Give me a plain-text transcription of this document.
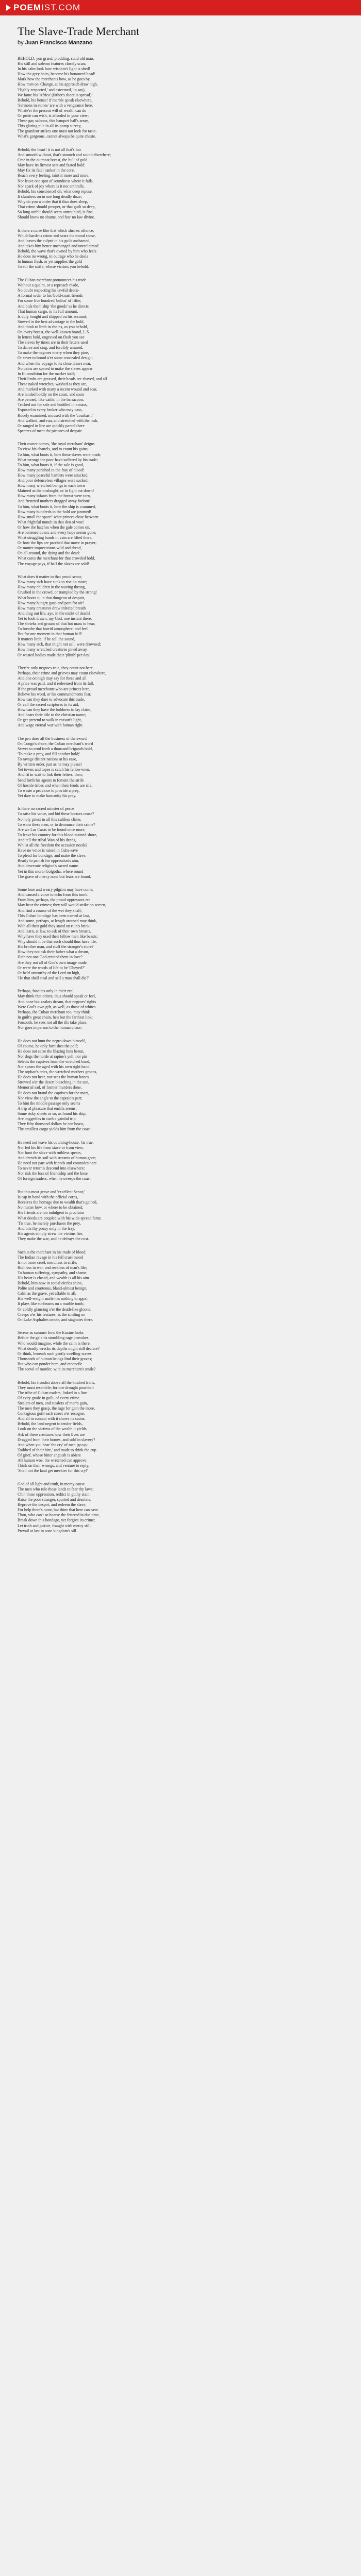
POEM IST.COM
The Slave-Trade Merchant

by Juan Francisco Manzano

BEHOLD, yon grand, plodding, staid old man,
His still and solemn features closely scan;
In his calm look how wisdom's light is shed!
How the grey hairs, become his honoured head!
Mark how the merchants bow, as he goes by,
How men on 'Change, at his approach draw nigh,
'Highly respected,' and esteemed,' to say),
We fame his 'Africa' (father's shore is spread)!
Behold, his house! if marble speak elsewhere,
'Sermons in stones' are with a vengeance here,
Whate'er the present will of wealth can do
Or pride can wish, is afforded to your view;
These gay saloons, this banquet hall's array,
This glaring pile in all its pomp survey,
The grandeur strikes one must not look for taste-
What's gorgeous, cannot always be quite chaste.
Behold, the heart! it is not all that's fair
And smooth without, that's staunch and sound elsewhere;
Cree in the outmost breast, the hull of gold
May have its firmest seat and fasted hold:
May fix its fatal canker in the core,
Reach every feeling, taint it more and more;
Nor leave one spot of soundness where it falls,
Nor spark of joy where is it not enthralls.
Behold, his conscience! oh, what deep repose,
It slumbers on in one long deadly doze;
Why do you wonder that it thus does sleep,
That crime should prosper, or that guilt so deep,
So long unfelt should seem untroubled, is fine,
Should know no shame, and fear no law divine.
Is there a curse like that which shrines offence,
Which hardens crime and sears the moral sense,
And leaves the culprit in his guilt unshamed,
And takes him hence unchanged and unreclaimed
Behold, the wave that's owned by him who feels
He does no wrong, in outrage who he deals
In human flesh, or yet supplies the gold
To stir the strife, whose victims you behold.
The Cuban merchant pronounces his trade
Without a qualm, or a reproach made,
No doubt respecting his lawful deeds-
A formal order to his Gold-coast friends
For some five hundred 'bultos' of fiftie,
And bids them ship 'the goods' as he directs
That human cargo, to its full amount,
Is duly bought and shipped on his account;
Stowed in the best advantage in the hold,
And think to limb in chains, as you behold,
On every breast, the well-known brand, L.S.
In letters bold, engraved on flesh you see
The slaves by times are in their fetters used
To dance and sing, and forcibly amused,
To make the negroes merry when they pine,
Or sever to brood o'er some concealed design;
And when the voyage to its close draws near,
No pains are spared to make the slaves appear
In fit condition for the market stall;
Their limbs are greased, their heads are shaved, and all
These naked wretches, washed as they are,
And marked with many a recent wound and scar,
Are landed boldly on the coast, and soon
Are penned, like cattle, in the barracoon.
Tricked out for sale and huddled in a mass,
Exposed to every broker who may pass,
Rudely examined, moused with the 'courbash,'
And walked, and run, and stretched with the lash,
Or ranged in line are quickly parcel there
Spectres of meet the pictures of despair.
Their owner comes, 'the royal merchant' deigns
To view his chattels, and to count his gains;
To him, what boots it, how these slaves were made,
What wrongs the poor have suffered by his trade;
To him, what boots it, if the sale is good,
How many perished in the fray of blood!
How many peaceful hamlets were attacked,
And poor defenceless villages were sacked;
How many wretched beings in each town
Maimed as the onslaught, or in fight cut down!
How many infants from the breast were torn,
And frenzied mothers dragged away forlorn!
To him, what boots it, how the ship is crammed,
How many hundreds in the hold are jammed!
How small the space! what princes close between
What frightful tumult in that den of woe!
Or how the hatches when the gale comes on,
Are battened down, and every hope seems gone,
What struggling hands in vain are lifted there,
Or how the lips are parched that move in prayer;
Or mutter imprecations wild and dread,
On all around, the dying and the dead:
What cares the merchant for that crowded hold,
The voyage pays, if half the slaves are sold!
What does it matter to that proud senor,
How many sick have sunk to rise no more;
How many children in the waving throng,
Crushed in the crowd, or trampled by the strong!
What boots it, in that dungeon of despair,
How many hungry gasp and pant for air!
How many creatures draw infected breath
And drag out life, aye, in the midst of death!
Yet to look drawn, my God, one instant there,
The shrieks and groans of that hot mass to hear;
To breathe that horrid atmosphere, and feel
But for one moment in that human hell!
It matters little, if he sell the sound,
How many sick, that might not sell, were drowned;
How many wretched creatures pined away,
Or wasted bodies made their 'plinth' per day!
They're only negroes-true, they count not here,
Perhaps, their crime and grieves may count elsewhere,
And one on high may say for these and all
A price was paid, and it redeemed from its fall.
If the proud merchants who are princes here,
Believe his word, or his commandments fear,
How can they dare to advocate this trade,
Or call the sacred scriptures to its aid;
How can they have the boldness to lay claim,
And bears their title to the christian name;
Or get pretend to walk in reason's light,
And wage eternal war with human right.
The pen does all the business of the sword,
On Congo's shore, the Cuban merchant's word
Serves to send forth a thousand brigands bold,
'To make a prey, and fill another hold;'
To ravage distant nations at his ease,
By written order, just as he may please!
Yet towns and topes is catch his fellow-men,
And fit in wait to link their fetters, then;
Send forth his agents to foment the strife
Of hostile tribes and when their feuds are rife,
To waste a province to provide a prey,
Yet dare to make humanity his prey.
Is there no sacred minster of peace
To raise his voice, and bid these horrors cease?
No holy priest in all this cultless clime,
To warn these men, or to denounce their crime?
Are we Las Casas to be found once more,
To leave his country for this blood-stained shore,
And tell the tribal Wan of his deeds,
Whilst all the freedom the occasion needs?
Have no voice is raised in Cuba-save
To plead for bondage, and make the slave,
Bearly to panish for oppression's aim,
And desecrate religion's sacred name.
Yet in this moral Golgotha, where round
The grave of mercy none but fears are found.
Some lone and weary pilgrim may have come,
And caused a voice to echo from this tomb.
From him, perhaps, the proud oppressors ere
May hear the crimes; they will would strike on screen,
And find a course of the wet they shall;
This Cuban bondage has been named at last,
And some, perhaps, at length aroused may think,
With all their gold they stand on ruin's brink;
And learn, at law, to ask of their own breasts,
Why have they used their fellow men like beasts;
Why should it be that such should thus have life,
His brother man, and stuff the stranger's store?
How they not ask their father what a dream,
Hath not one God created them in love?
Are they not all of God's own image made,
Or were the words of life to be 'Obeyed?'
Or held unworthy of the Lord on high,
'He that shall steal and sell a man shall die?'
Perhaps, fanatics only in their zeal,
May think that others, thus should speak or feel,
And none but zealots dream, that negroes' rights
Were God's own gift, as well, as those of whites.
Perhaps, the Cuban merchant too, may think
In guilt's great chain, he's but the farthest link;
Forsooth, he sees not all the ills take place,
Nor goes in person to the human chase;
He does not hunt the negro down himself,
Of course, he only furnishes the pelf;
He does not seize the blazing huts besun,
Nor dogs the horde at rapine's yell, nor pin
Selects the captives from the wretched band,
Nor spears the aged with his own right hand;
The orphan's cries, the wretched mothers groans,
He does not hear, nor sees the human bones
Strewed o'er the desert bleaching in the sun,
Memorial sad, of former murders done.
He does not brand the captives for the mart,
Nor view the angle to the captain's part;
To him the middle passage only seems
A trip of pleasure that enriffs seems;
Some risky sheets or so, as found his ship,
Are baggedles in such a gainful trip.
They fifty thousand dollars he can boast,
The smallest cargo yields him from the coast.
He need not leave his counting-house, 'tis true,
Nor fed his life from stave or from view,
Nor hunt the slave with ruthless spears,
And drench its soil with streams of human gore;
He need not part with friends and comrades here
To never return's descend into elsewhere;
Nor risk the loss of friendship and the hose
Of foreign traders, when he sweeps the coast.
But this most grave and 'excellent Senor,'
Is cap in hand with the official corps,
Receives the homage due to wealth that's gained,
No matter how, or where to be obtained;
His friends are too indulgent to proclaim
What deeds are coupled with his wide-spread fame.
'Tis true, he merely purchases the prey,
And bits thy proxy only in the fray;
His agents simply strew the victims fire,
They make the war, and he defrays the cost.
Such is the merchant in his trade of blood;
The Indian ravage in his fell cruel mood
Is not more cruel, merciless in strife,
Ruthless in war, and reckless of man's life;
To human suffering, sympathy, and shame,
His heart is closed, and wealth is all his aim.
Behold, him now in social circles shine,
Polite and courteous, bland-almost benign,
Calm as the grave, yet affable to all,
His well-weight smile has nothing to appal;
It plays like sunbeams on a marble tomb,
Or coldly glancing o'er the death-like gloom;
Creeps o'er his features, as the smiling on
On Lake Asphaltes smote, and stagnates there.
Serene as summer how the Euxine looks
Before the gale its stumbling rage provokes.
Who would imagine, while the calm is there,
What deadly wrecks its depths might still declare?
Or think, beneath such gently swelling waves
Thousands of human beings find their graves;
But who can ponder here, and reconcile
The scowl of murder, with its merchant's smile?
Behold, his frondist above all the kindred trails,
They must resemble; for one drought pourtheir
The tribe of Cuban traders, linked in a line
Of ev'ry grade in guilt, of every crime.
Stealers of men, and stealers of man's gain,
The men they grasp, the rage for gain the more,
Contagious guilt each street o'er recogne,
And all in contact with it shows its stains.
Behold, the land negent to tender fields,
Look on the victims of the wealth it yields,
Ask of these creatures how their lives are
Dragged from their homes, and sold in slavery?
And when you hear 'the cry' of men 'go up-
'Robbed of their hire,' and made to drink the cup
Of grief, whose bitter anguish is abiere
All human woe, the wretched can approve;
Think on their wrongs, and venture to reply,
'Shall not the land get meekier for this cry!'
God of all light and truth, in mercy cause
The men who rule these lands to fear thy laws;
Chin those oppression, redtict in guilty stain,
Raise the poor stranger, spurted and desolate,
Reprove the despot, and redeem the slave;
For help there's none, but thine that here can save.
Thou, who can't so hoarse the fettered in due time,
Break down this bondage, yet forgive its crime;
Let truth and justice, fraught with mercy still,
Prevail at last in sone kingdom's sill.
